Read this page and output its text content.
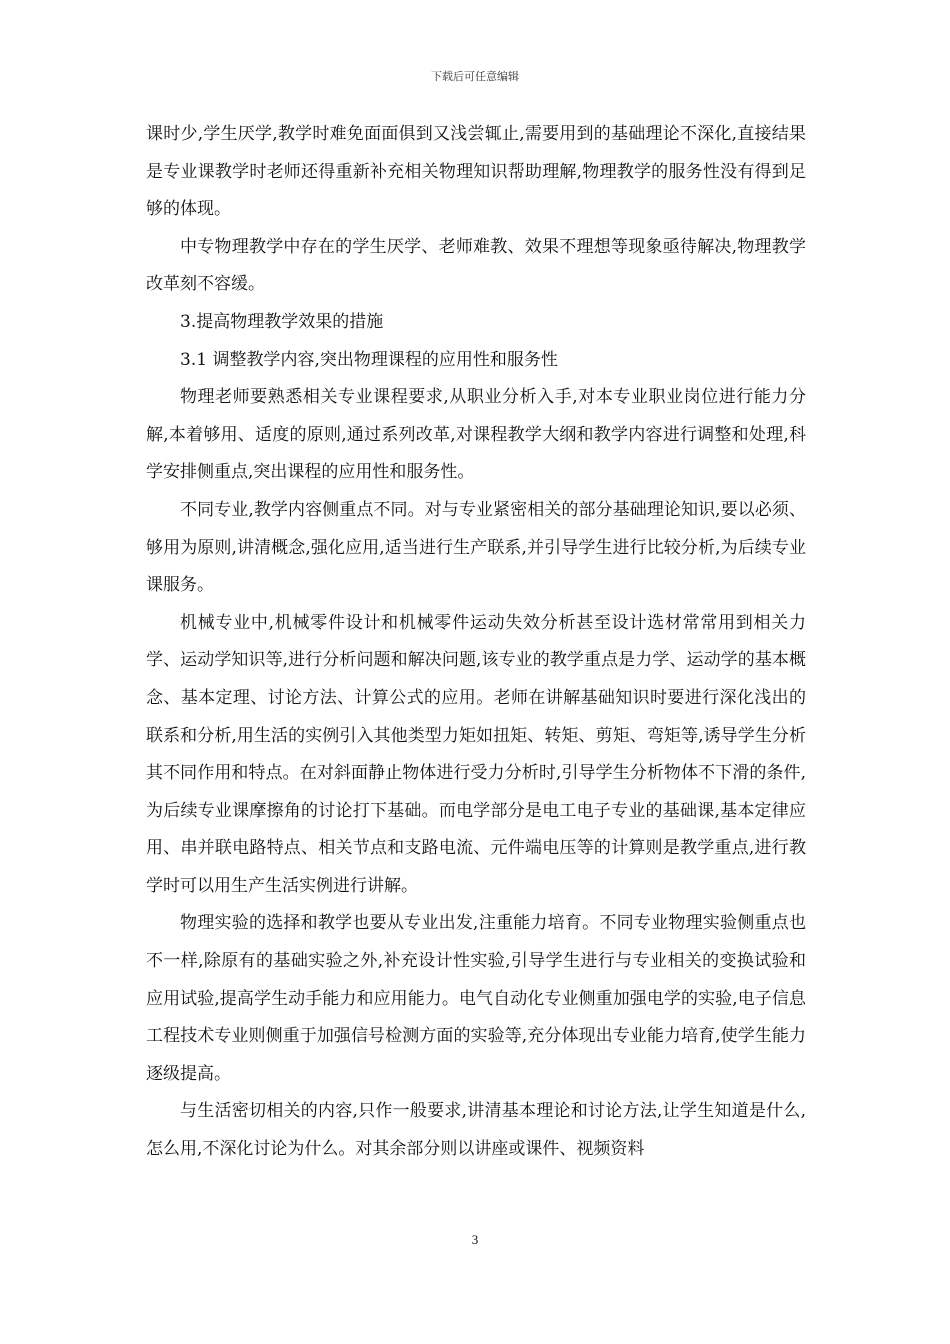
下载后可任意编辑

课时少,学生厌学,教学时难免面面俱到又浅尝辄止,需要用到的基础理论不深化,直接结果是专业课教学时老师还得重新补充相关物理知识帮助理解,物理教学的服务性没有得到足够的体现。

中专物理教学中存在的学生厌学、老师难教、效果不理想等现象亟待解决,物理教学改革刻不容缓。

3.提高物理教学效果的措施

3.1 调整教学内容,突出物理课程的应用性和服务性

物理老师要熟悉相关专业课程要求,从职业分析入手,对本专业职业岗位进行能力分解,本着够用、适度的原则,通过系列改革,对课程教学大纲和教学内容进行调整和处理,科学安排侧重点,突出课程的应用性和服务性。

不同专业,教学内容侧重点不同。对与专业紧密相关的部分基础理论知识,要以必须、够用为原则,讲清概念,强化应用,适当进行生产联系,并引导学生进行比较分析,为后续专业课服务。

机械专业中,机械零件设计和机械零件运动失效分析甚至设计选材常常用到相关力学、运动学知识等,进行分析问题和解决问题,该专业的教学重点是力学、运动学的基本概念、基本定理、讨论方法、计算公式的应用。老师在讲解基础知识时要进行深化浅出的联系和分析,用生活的实例引入其他类型力矩如扭矩、转矩、剪矩、弯矩等,诱导学生分析其不同作用和特点。在对斜面静止物体进行受力分析时,引导学生分析物体不下滑的条件,为后续专业课摩擦角的讨论打下基础。而电学部分是电工电子专业的基础课,基本定律应用、串并联电路特点、相关节点和支路电流、元件端电压等的计算则是教学重点,进行教学时可以用生产生活实例进行讲解。

物理实验的选择和教学也要从专业出发,注重能力培育。不同专业物理实验侧重点也不一样,除原有的基础实验之外,补充设计性实验,引导学生进行与专业相关的变换试验和应用试验,提高学生动手能力和应用能力。电气自动化专业侧重加强电学的实验,电子信息工程技术专业则侧重于加强信号检测方面的实验等,充分体现出专业能力培育,使学生能力逐级提高。

与生活密切相关的内容,只作一般要求,讲清基本理论和讨论方法,让学生知道是什么,怎么用,不深化讨论为什么。对其余部分则以讲座或课件、视频资料

3
